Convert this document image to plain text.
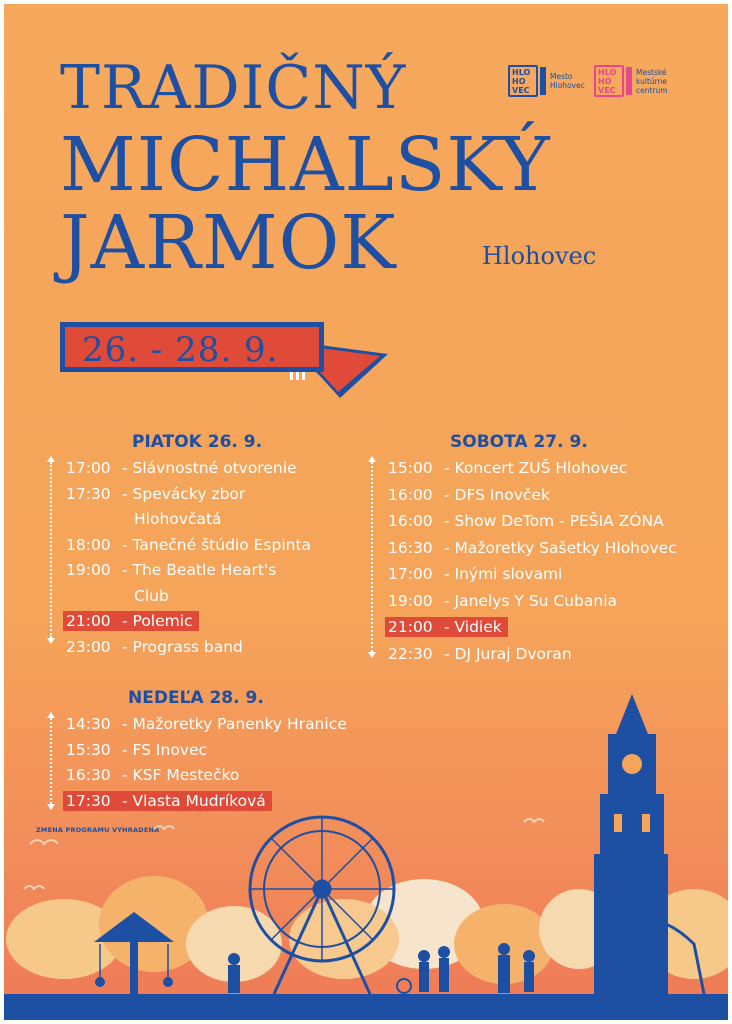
TRADIČNÝ
MICHALSKÝ
JARMOK	Hlohovec
HLO
HO
VEC
Mesto
Hlohovec
HLO
HO
VEC
Mestské
kultúrne
centrum
26. - 28. 9.
PIATOK 26. 9.
17:00 - Slávnostné otvorenie
17:30 - Spevácky zbor
Hlohovčatá
18:00 - Tanečné štúdio Espinta
19:00 - The Beatle Heart's
Club
21:00 - Polemic
23:00 - Prograss band
SOBOTA 27. 9.
15:00 - Koncert ZUŠ Hlohovec
16:00 - DFS Inovček
16:00 - Show DeTom - PEŠIA ZÓNA
16:30 - Mažoretky Sašetky Hlohovec
17:00 - Inými slovami
19:00 - Janelys Y Su Cubania
21:00 - Vidiek
22:30 - DJ Juraj Dvoran
NEDEĽA 28. 9.
14:30 - Mažoretky Panenky Hranice
15:30 - FS Inovec
16:30 - KSF Mestečko
17:30 - Vlasta Mudríková
ZMENA PROGRAMU VYHRADENÁ
